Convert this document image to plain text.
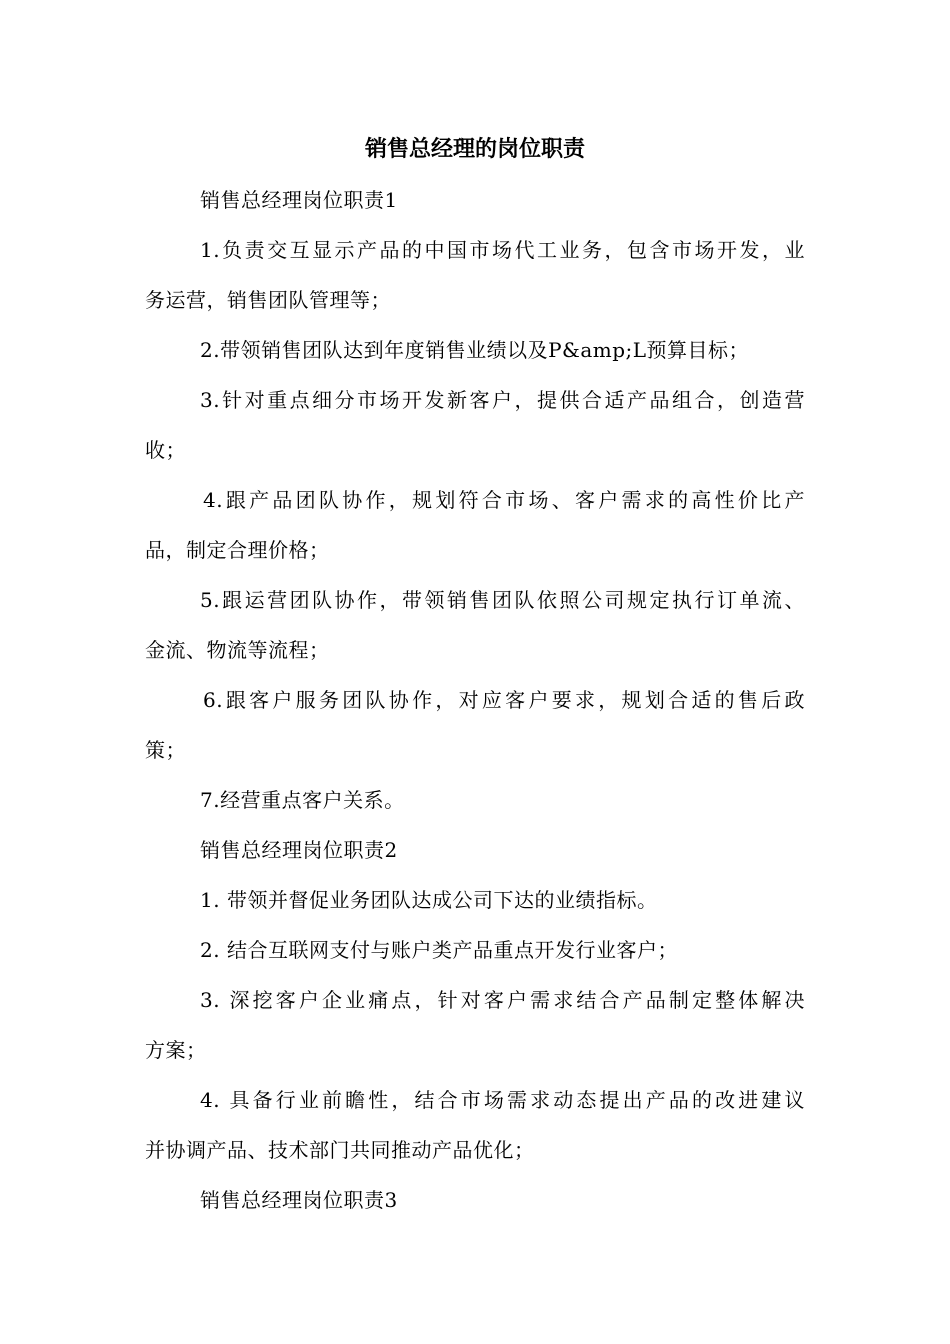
销售总经理的岗位职责
销售总经理岗位职责1
1.负责交互显示产品的中国市场代工业务，包含市场开发，业
务运营，销售团队管理等；
2.带领销售团队达到年度销售业绩以及P&amp;L预算目标；
3.针对重点细分市场开发新客户，提供合适产品组合，创造营
收；
4.跟产品团队协作，规划符合市场、客户需求的高性价比产
品，制定合理价格；
5.跟运营团队协作，带领销售团队依照公司规定执行订单流、
金流、物流等流程；
6.跟客户服务团队协作，对应客户要求，规划合适的售后政
策；
7.经营重点客户关系。
销售总经理岗位职责2
1. 带领并督促业务团队达成公司下达的业绩指标。
2. 结合互联网支付与账户类产品重点开发行业客户；
3. 深挖客户企业痛点，针对客户需求结合产品制定整体解决
方案；
4. 具备行业前瞻性，结合市场需求动态提出产品的改进建议
并协调产品、技术部门共同推动产品优化；
销售总经理岗位职责3
